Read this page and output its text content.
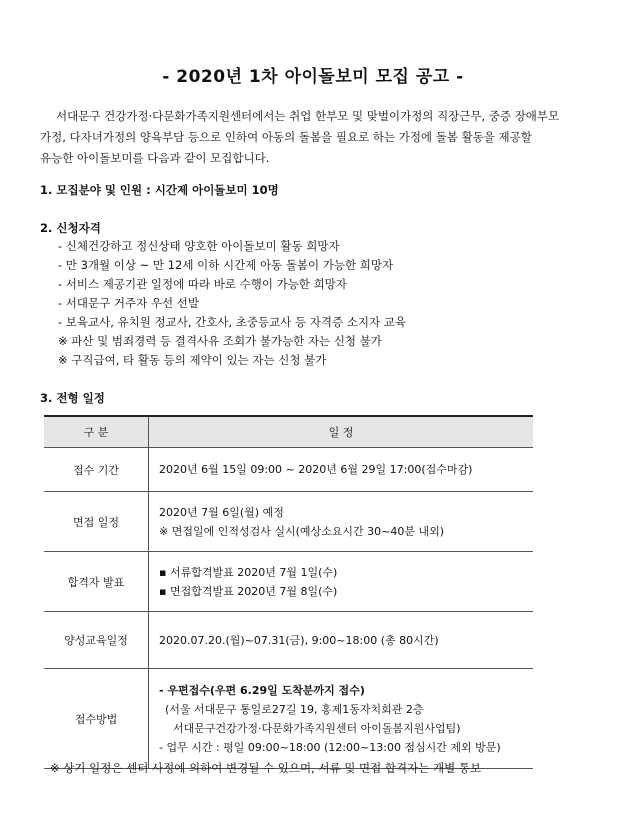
- 2020년 1차 아이돌보미 모집 공고 -

서대문구 건강가정·다문화가족지원센터에서는 취업 한부모 및 맞벌이가정의 직장근무, 중증 장애부모
가정, 다자녀가정의 양육부담 등으로 인하여 아동의 돌봄을 필요로 하는 가정에 돌봄 활동을 제공할
유능한 아이돌보미를 다음과 같이 모집합니다.

1. 모집분야 및 인원 : 시간제 아이돌보미 10명

2. 신청자격

- 신체건강하고 정신상태 양호한 아이돌보미 활동 희망자
- 만 3개월 이상 ~ 만 12세 이하 시간제 아동 돌봄이 가능한 희망자
- 서비스 제공기관 일정에 따라 바로 수행이 가능한 희망자
- 서대문구 거주자 우선 선발
- 보육교사, 유치원 정교사, 간호사, 초중등교사 등 자격증 소지자 교육
※ 파산 및 범죄경력 등 결격사유 조회가 불가능한 자는 신청 불가
※ 구직급여, 타 활동 등의 제약이 있는 자는 신청 불가

3. 전형 일정

구 분	일 정
접수 기간	2020년 6월 15일 09:00 ~ 2020년 6월 29일 17:00(접수마감)

면접 일정	2020년 7월 6일(월) 예정
※ 면접일에 인적성검사 실시(예상소요시간 30~40분 내외)

합격자 발표	▪ 서류합격발표 2020년 7월 1일(수)
▪ 면접합격발표 2020년 7월 8일(수)

양성교육일정	2020.07.20.(월)~07.31(금), 9:00~18:00 (총 80시간)

접수방법	- 우편접수(우편 6.29일 도착분까지 접수)
(서울 서대문구 통일로27길 19, 홍제1동자치회관 2층
서대문구건강가정·다문화가족지원센터 아이돌봄지원사업팀)
- 업무 시간 : 평일 09:00~18:00 (12:00~13:00 점심시간 제외 방문)

※ 상기 일정은 센터 사정에 의하여 변경될 수 있으며, 서류 및 면접 합격자는 개별 통보
